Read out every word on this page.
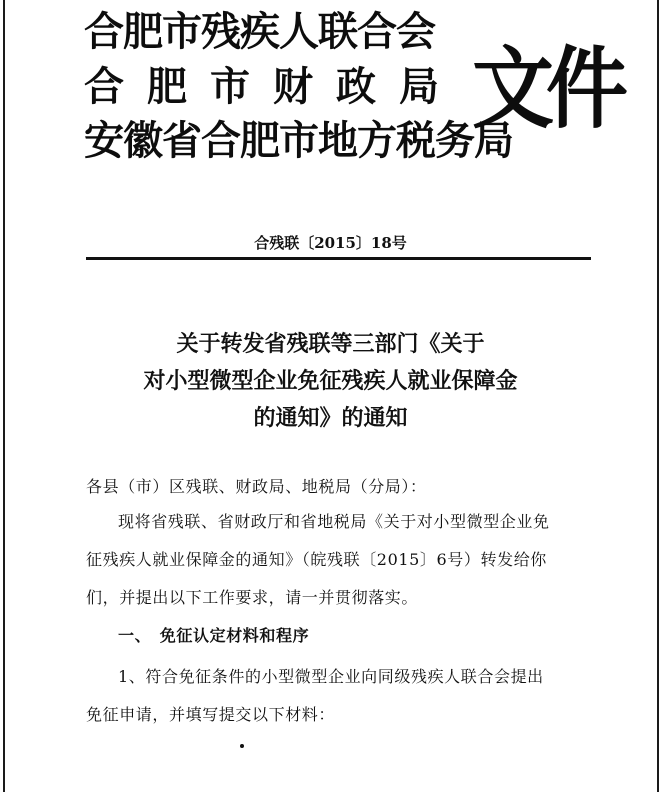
合肥市残疾人联合会
合肥市财政局
安徽省合肥市地方税务局
文件
合残联〔2015〕18号
关于转发省残联等三部门《关于
对小型微型企业免征残疾人就业保障金
的通知》的通知
各县（市）区残联、财政局、地税局（分局）：
现将省残联、省财政厅和省地税局《关于对小型微型企业免
征残疾人就业保障金的通知》（皖残联〔2015〕6号）转发给你
们，并提出以下工作要求，请一并贯彻落实。
一、　免征认定材料和程序
1、符合免征条件的小型微型企业向同级残疾人联合会提出
免征申请，并填写提交以下材料：
